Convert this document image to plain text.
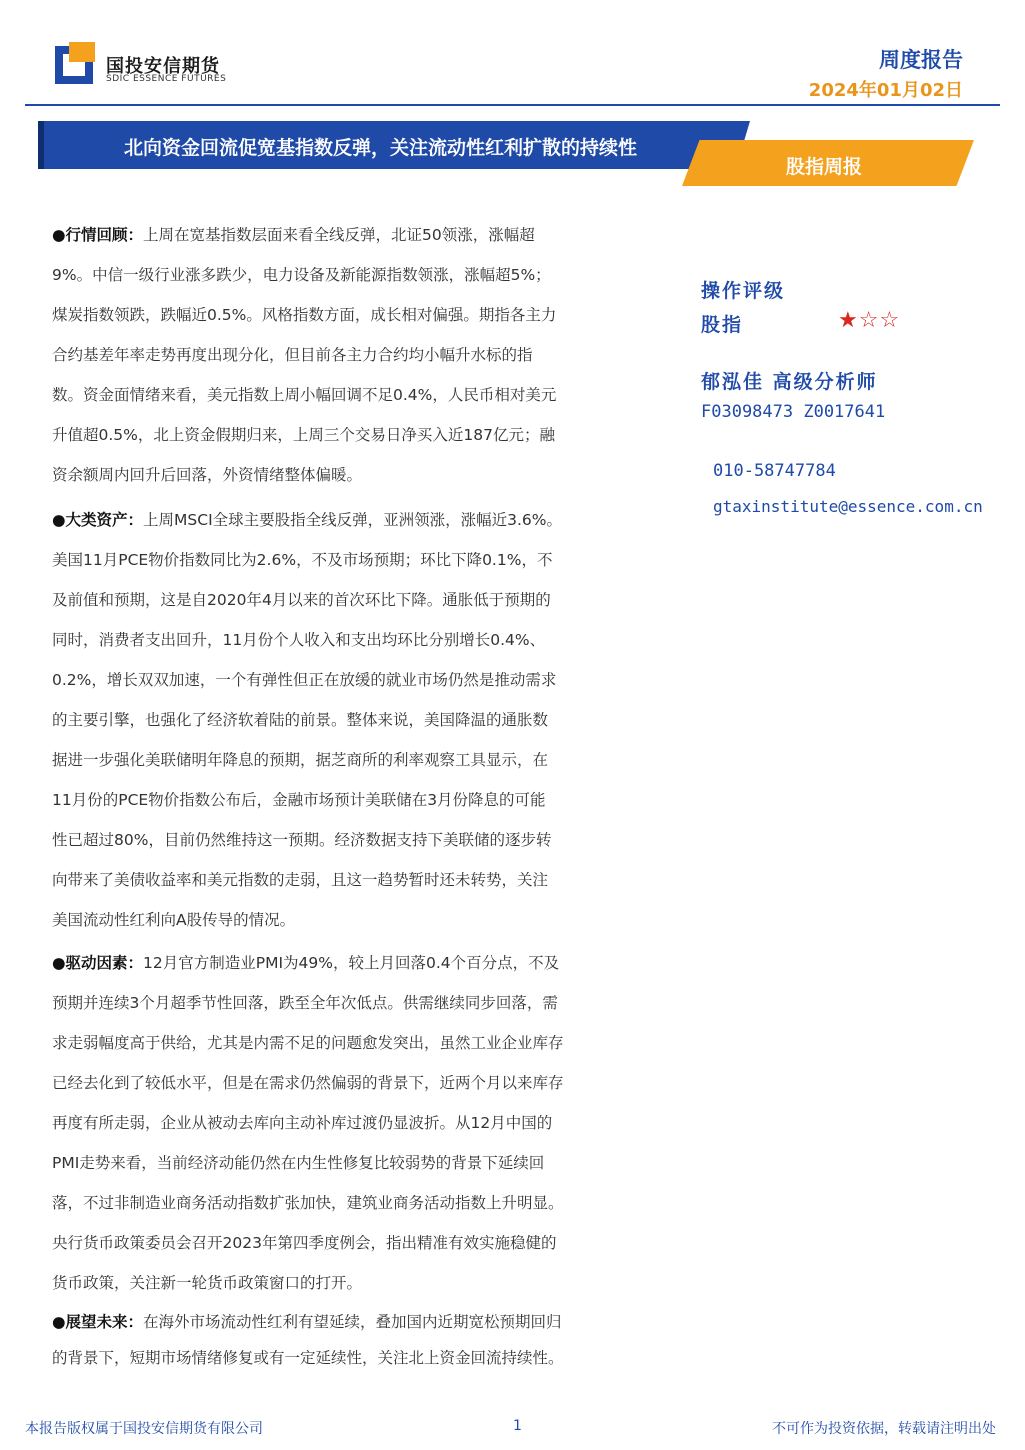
国投安信期货
SDIC ESSENCE FUTURES
周度报告
2024年01月02日
北向资金回流促宽基指数反弹，关注流动性红利扩散的持续性
股指周报
●行情回顾：上周在宽基指数层面来看全线反弹，北证50领涨，涨幅超
9%。中信一级行业涨多跌少，电力设备及新能源指数领涨，涨幅超5%；
煤炭指数领跌，跌幅近0.5%。风格指数方面，成长相对偏强。期指各主力
合约基差年率走势再度出现分化，但目前各主力合约均小幅升水标的指
数。资金面情绪来看，美元指数上周小幅回调不足0.4%，人民币相对美元
升值超0.5%，北上资金假期归来，上周三个交易日净买入近187亿元；融
资余额周内回升后回落，外资情绪整体偏暖。
●大类资产：上周MSCI全球主要股指全线反弹，亚洲领涨，涨幅近3.6%。
美国11月PCE物价指数同比为2.6%，不及市场预期；环比下降0.1%，不
及前值和预期，这是自2020年4月以来的首次环比下降。通胀低于预期的
同时，消费者支出回升，11月份个人收入和支出均环比分别增长0.4%、
0.2%，增长双双加速，一个有弹性但正在放缓的就业市场仍然是推动需求
的主要引擎，也强化了经济软着陆的前景。整体来说，美国降温的通胀数
据进一步强化美联储明年降息的预期，据芝商所的利率观察工具显示，在
11月份的PCE物价指数公布后，金融市场预计美联储在3月份降息的可能
性已超过80%，目前仍然维持这一预期。经济数据支持下美联储的逐步转
向带来了美债收益率和美元指数的走弱，且这一趋势暂时还未转势，关注
美国流动性红利向A股传导的情况。
●驱动因素：12月官方制造业PMI为49%，较上月回落0.4个百分点，不及
预期并连续3个月超季节性回落，跌至全年次低点。供需继续同步回落，需
求走弱幅度高于供给，尤其是内需不足的问题愈发突出，虽然工业企业库存
已经去化到了较低水平，但是在需求仍然偏弱的背景下，近两个月以来库存
再度有所走弱，企业从被动去库向主动补库过渡仍显波折。从12月中国的
PMI走势来看，当前经济动能仍然在内生性修复比较弱势的背景下延续回
落，不过非制造业商务活动指数扩张加快，建筑业商务活动指数上升明显。
央行货币政策委员会召开2023年第四季度例会，指出精准有效实施稳健的
货币政策，关注新一轮货币政策窗口的打开。
●展望未来：在海外市场流动性红利有望延续，叠加国内近期宽松预期回归
的背景下，短期市场情绪修复或有一定延续性，关注北上资金回流持续性。
操作评级
股指	★☆☆
郁泓佳 高级分析师
F03098473 Z0017641
010-58747784
gtaxinstitute@essence.com.cn
本报告版权属于国投安信期货有限公司	1	不可作为投资依据，转载请注明出处
